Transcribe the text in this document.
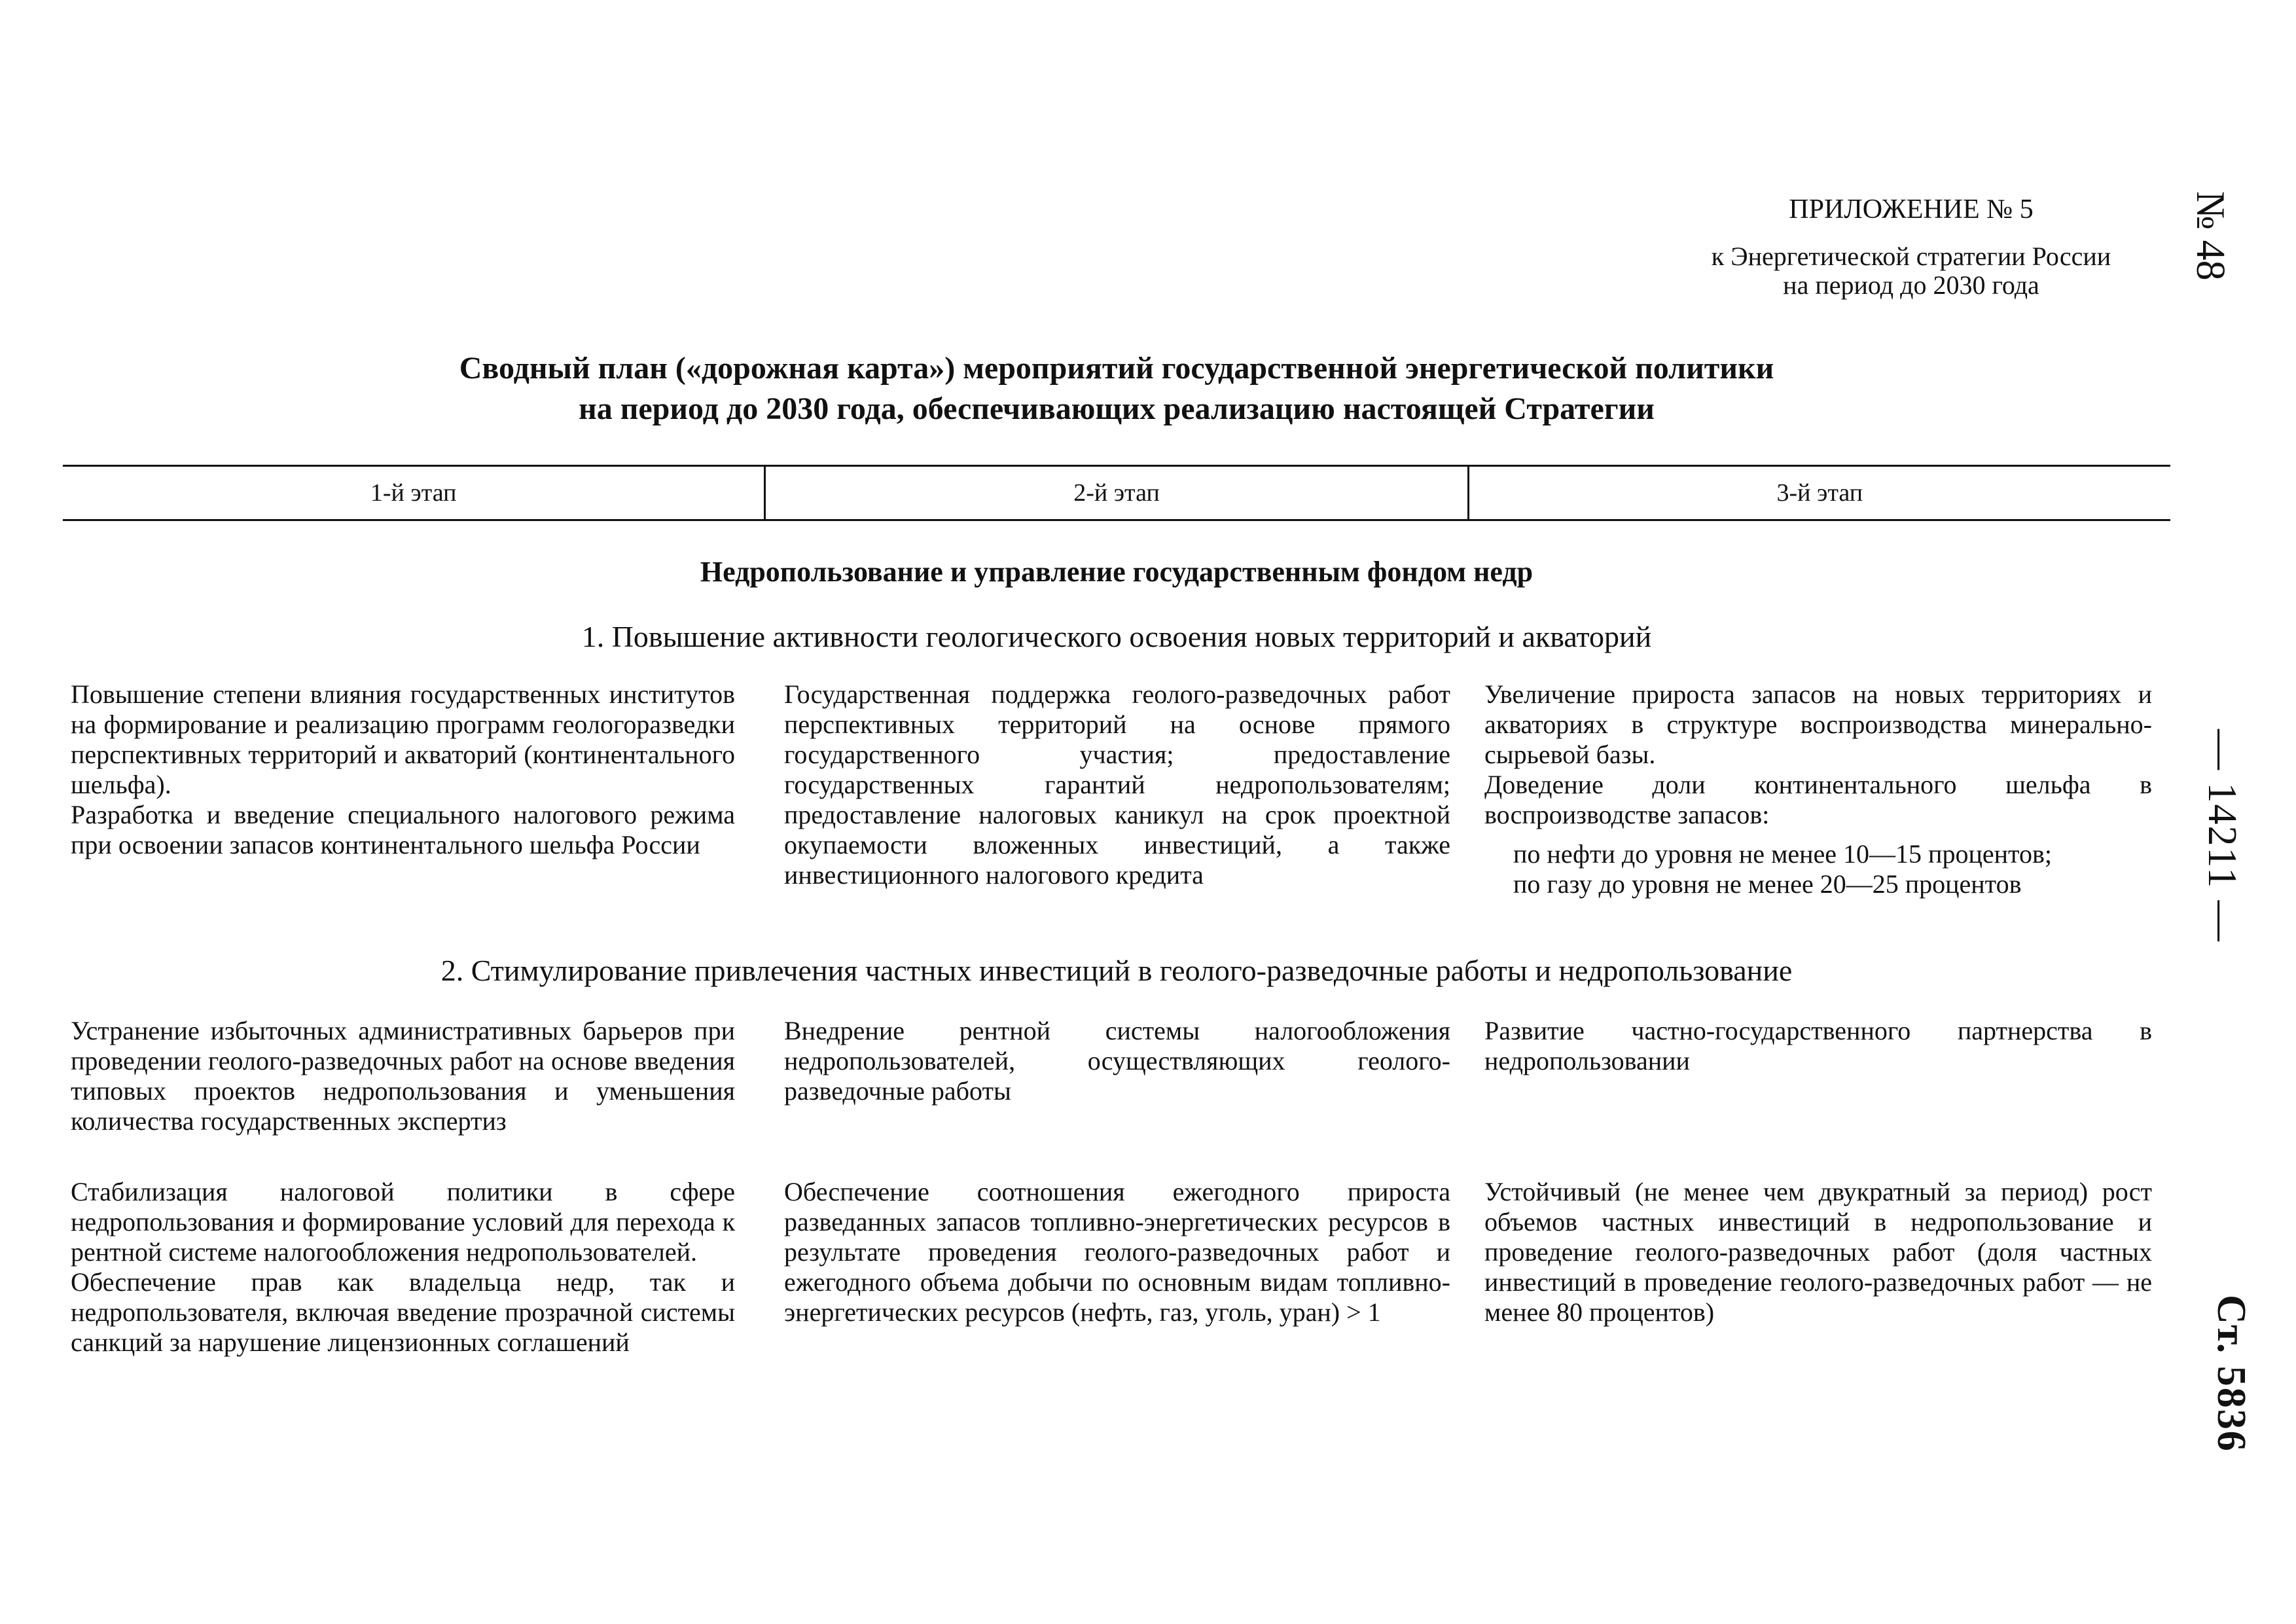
ПРИЛОЖЕНИЕ № 5
к Энергетической стратегии России
на период до 2030 года
№ 48
— 14211 —
Ст. 5836
Сводный план («дорожная карта») мероприятий государственной энергетической политики
на период до 2030 года, обеспечивающих реализацию настоящей Стратегии
1-й этап	2-й этап	3-й этап
Недропользование и управление государственным фондом недр
1. Повышение активности геологического освоения новых территорий и акваторий

Повышение степени влияния государственных институтов на формирование и реализацию программ геологоразведки перспективных территорий и акваторий (континентального шельфа).

Разработка и введение специального налогового режима при освоении запасов континентального шельфа России

Государственная поддержка геолого-разведочных работ перспективных территорий на основе прямого государственного участия; предоставление государственных гарантий недропользователям; предоставление налоговых каникул на срок проектной окупаемости вложенных инвестиций, а также инвестиционного налогового кредита

Увеличение прироста запасов на новых территориях и акваториях в структуре воспроизводства минерально-сырьевой базы.

Доведение доли континентального шельфа в воспроизводстве запасов:

по нефти до уровня не менее 10—15 процентов;

по газу до уровня не менее 20—25 процентов

2. Стимулирование привлечения частных инвестиций в геолого-разведочные работы и недропользование

Устранение избыточных административных барьеров при проведении геолого-разведочных работ на основе введения типовых проектов недропользования и уменьшения количества государственных экспертиз

Внедрение рентной системы налогообложения недропользователей, осуществляющих геолого-разведочные работы

Развитие частно-государственного партнерства в недропользовании

Стабилизация налоговой политики в сфере недропользования и формирование условий для перехода к рентной системе налогообложения недропользователей.

Обеспечение прав как владельца недр, так и недропользователя, включая введение прозрачной системы санкций за нарушение лицензионных соглашений

Обеспечение соотношения ежегодного прироста разведанных запасов топливно-энергетических ресурсов в результате проведения геолого-разведочных работ и ежегодного объема добычи по основным видам топливно-энергетических ресурсов (нефть, газ, уголь, уран) > 1

Устойчивый (не менее чем двукратный за период) рост объемов частных инвестиций в недропользование и проведение геолого-разведочных работ (доля частных инвестиций в проведение геолого-разведочных работ — не менее 80 процентов)
